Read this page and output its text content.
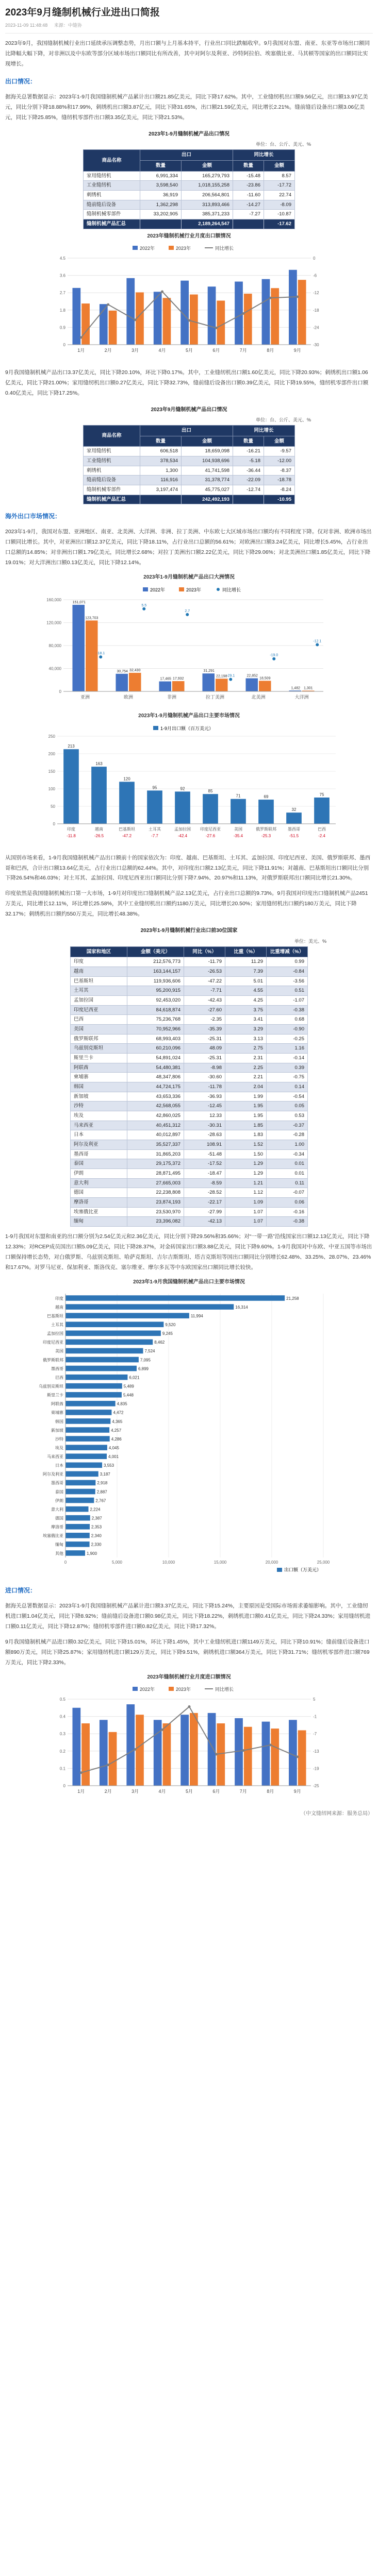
2023年9月缝制机械行业进出口简报
2023-11-09 11:48:48 来源：中缝协

2023年9月，我国缝制机械行业出口延续承压调整态势，月出口额与上月基本持平，行业出口同比跌幅收窄。9月我国对东盟、南亚、东亚等市场出口额同比降幅大幅下降，对非洲以及中东欧等部分区域市场出口额同比有所改善，其中对阿尔及利亚、沙特阿拉伯、埃塞俄比亚、马其顿等国家的出口额同比实现增长。

出口情况：

据海关总署数据显示：2023年1-9月我国缝制机械产品累计出口额21.85亿美元，同比下降17.62%。其中，工业缝纫机出口额9.56亿元，出口额13.97亿美元，同比分别下降18.88%和17.99%，刺绣机出口额3.87亿元，同比下降31.65%，出口额21.59亿美元，同比增长2.21%。缝前缝后设备出口额3.06亿美元，同比下降25.85%，缝纫机零部件出口额3.35亿美元，同比下降21.53%。

2023年1-9月缝制机械产品出口情况
单位：台、公斤、美元、%
商品名称	出口		同比增长	
	数量	金额	数量	金额
家用缝纫机	6,991,334	165,279,793	-15.48	8.57
工业缝纫机	3,598,540	1,018,155,258	-23.86	-17.72
刺绣机	36,919	206,564,801	-11.60	22.74
缝前缝后设备	1,362,298	313,893,466	-14.27	-8.09
缝制机械零部件	33,202,905	385,371,233	-7.27	-10.87
缝制机械产品汇总		2,189,264,547		-17.62
2023年缝制机械行业月度出口额情况
2022年	2023年	同比增长
0	-30
0.9	-24
1.8	-18
2.7	-12
3.6	-6
4.5	0
1月	2月	3月	4月	5月	6月	7月	8月	9月

9月我国缝制机械产品出口3.37亿美元，同比下降20.10%，环比下降0.17%。其中，工业缝纫机出口额1.60亿美元，同比下降20.93%；刺绣机出口额1.06亿美元，同比下降21.00%；家用缝纫机出口额0.27亿美元，同比下降32.73%，缝前缝后设备出口额0.39亿美元，同比下降19.55%，缝纫机零部件出口额0.40亿美元，同比下降17.25%。

2023年9月缝制机械产品出口情况
单位：台、公斤、美元、%
商品名称	出口		同比增长	
	数量	金额	数量	金额
家用缝纫机	606,518	18,659,098	-16.21	-9.57
工业缝纫机	378,534	104,938,696	-5.18	-12.00
刺绣机	1,300	41,741,598	-36.44	-8.37
缝前缝后设备	116,916	31,378,774	-22.09	-18.78
缝制机械零部件	3,197,474	45,775,027	-12.74	-8.24
缝制机械产品汇总		242,492,193		-10.95
海外出口市场情况：

2023年1-9月，我国对东盟、亚洲地区、南亚、北美洲、大洋洲、非洲、拉丁美洲、中东欧七大区域市场出口额均有不同程度下降。仅对非洲、欧洲市场出口额同比增长。其中，对亚洲出口额12.37亿美元，同比下降18.11%，占行业出口总额的56.61%；对欧洲出口额3.24亿美元，同比增长5.45%，占行业出口总额的14.85%；对非洲出口额1.79亿美元，同比增长2.68%；对拉丁美洲出口额2.22亿美元，同比下降29.06%；对北美洲出口额1.85亿美元，同比下降19.01%；对大洋洲出口额0.13亿美元，同比下降12.14%。

2023年1-9月缝制机械产品出口大洲情况
2022年	2023年	同比增长
0
40,000
80,000
120,000
160,000
151,071
123,703
-18.1
亚洲
30,754 32,430
5.5
欧洲
17,465 17,932
2.7
非洲
31,291
22,198
-29.1
拉丁美洲
22,852
18,509
-19.0
北美洲
1,482 1,301
-12.1
大洋洲
2023年1-9月缝制机械产品出口主要市场情况
1-9月出口额（百万美元）
0
50
100
150
200
250
213
印度
-11.8
163
越南
-26.5
120
巴基斯坦
-47.2
95
土耳其
-7.7
92
孟加拉国
-42.4
85
印度尼西亚
-27.6
71
美国
-35.4
69
俄罗斯联邦
-25.3
32
墨西哥
-51.5
75
巴西
-2.4

从国别市场来看，1-9月我国缝制机械产品出口额前十的国家依次为：印度、越南、巴基斯坦、土耳其、孟加拉国、印度尼西亚、美国、俄罗斯联邦、墨西哥和巴西，合计出口额13.64亿美元，占行业出口总额的62.44%。其中，对印度出口额2.13亿美元，同比下降11.91%；对越南、巴基斯坦出口额同比分别下降26.54%和46.03%；对土耳其、孟加拉国、印度尼西亚出口额同比分别下降7.94%、20.97%和11.13%，对俄罗斯联邦出口额同比增长21.30%。

印度依然是我国缝制机械出口第一大市场，1-9月对印度出口缝制机械产品2.13亿美元，占行业出口总额的9.73%。9月我国对印度出口缝制机械产品2451万美元，同比增长12.11%，环比增长25.58%，其中工业缝纫机出口额约1180万美元，同比增长20.50%；家用缝纫机出口额约180万美元，同比下降32.17%；刺绣机出口额约550万美元，同比增长48.38%。

2023年1-9月缝制机械行业出口前30位国家
单位：美元、%
国家和地区	金额（美元）	同比（%）	比重（%）	比重增减（%）
印度	212,576,773	-11.79	11.29	0.99
越南	163,144,157	-26.53	7.39	-0.84
巴基斯坦	119,936,606	-47.22	5.01	-3.56
土耳其	95,200,915	-7.71	4.55	0.51
孟加拉国	92,453,020	-42.43	4.25	-1.07
印度尼西亚	84,618,874	-27.60	3.75	-0.38
巴西	75,236,768	-2.35	3.41	0.68
美国	70,952,966	-35.39	3.29	-0.90
俄罗斯联邦	68,993,403	-25.31	3.13	-0.25
乌兹别克斯坦	60,210,096	48.09	2.75	1.16
斯里兰卡	54,891,024	-25.31	2.31	-0.14
阿联酋	54,480,381	-8.98	2.25	0.39
柬埔寨	48,347,806	-30.60	2.21	-0.75
韩国	44,724,175	-11.78	2.04	0.14
新加坡	43,653,336	-36.93	1.99	-0.54
沙特	42,568,055	-12.45	1.95	0.05
埃及	42,860,025	12.33	1.95	0.53
马来西亚	40,451,312	-30.31	1.85	-0.37
日本	40,012,897	-28.63	1.83	-0.28
阿尔及利亚	35,527,337	108.91	1.52	1.00
墨西哥	31,865,203	-51.48	1.50	-0.34
泰国	29,175,372	-17.52	1.29	0.01
伊朗	28,871,495	-18.47	1.29	0.01
意大利	27,665,003	-8.59	1.21	0.11
德国	22,238,808	-28.52	1.12	-0.07
摩洛哥	23,874,193	-22.17	1.09	0.06
埃塞俄比亚	23,530,970	-27.99	1.07	-0.16
缅甸	23,396,082	-42.13	1.07	-0.38

1-9月我国对东盟和南亚的出口额分别为2.54亿美元和2.36亿美元，同比分别下降29.56%和35.66%；对“一带一路”沿线国家出口额12.13亿美元，同比下降12.33%；对RCEP成员国出口额5.09亿美元，同比下降28.37%，对金砖国家出口额3.88亿美元，同比下降9.60%。1-9月我国对中东欧、中亚五国等市场出口额保持增长态势，对白俄罗斯、乌兹别克斯坦、哈萨克斯坦、吉尔吉斯斯坦、塔吉克斯坦等国出口额同比分别增长62.48%、33.25%、28.07%、23.46%和17.67%。对罗马尼亚、保加利亚、斯洛伐克、塞尔维亚、摩尔多瓦等中东欧国家出口额同比增长较快。

2023年1-9月我国缝制机械产品出口主要市场情况
0	5,000	10,000	15,000	20,000	25,000
印度	21,258
越南	16,314
巴基斯坦	11,994
土耳其	9,520
孟加拉国	9,245
印度尼西亚	8,462
美国	7,524
俄罗斯联邦	7,095
墨西哥	6,899
巴西	6,021
乌兹别克斯坦	5,489
斯里兰卡	5,448
阿联酋	4,835
柬埔寨	4,472
韩国	4,365
新加坡	4,257
沙特	4,286
埃及	4,045
马来西亚	4,001
日本	3,553
阿尔及利亚	3,187
墨西哥	2,918
泰国	2,887
伊朗	2,767
意大利	2,224
德国	2,387
摩洛哥	2,353
埃塞俄比亚	2,340
缅甸	2,330
其他	1,900
出口额（万美元）
进口情况：

据海关总署数据显示：2023年1-9月我国缝制机械产品累计进口额3.37亿美元，同比下降15.24%，主要原因是受国际市场需求萎缩影响。其中，工业缝纫机进口额1.04亿美元，同比下降8.92%；缝前缝后设备进口额0.98亿美元，同比下降18.22%，刺绣机进口额0.41亿美元，同比下降24.33%；家用缝纫机进口额0.11亿美元，同比下降12.87%；缝纫机零部件进口额0.82亿美元，同比下降17.32%。

9月我国缝制机械产品进口额0.32亿美元，同比下降15.01%，环比下降1.45%，其中工业缝纫机进口额1149万美元，同比下降10.91%；缝前缝后设备进口额890万美元，同比下降25.87%；家用缝纫机进口额129万美元，同比下降9.51%，刺绣机进口额364万美元，同比下降31.71%；缝纫机零部件进口额769万美元，同比下降2.33%。

2023年缝制机械行业月度进口额情况
2022年	2023年	同比增长
0	-25
0.1	-19
0.2	-13
0.3	-7
0.4	-1
0.5	5
1月	2月	3月	4月	5月	6月	7月	8月	9月
（中文缝纫网来源：服务总局）
